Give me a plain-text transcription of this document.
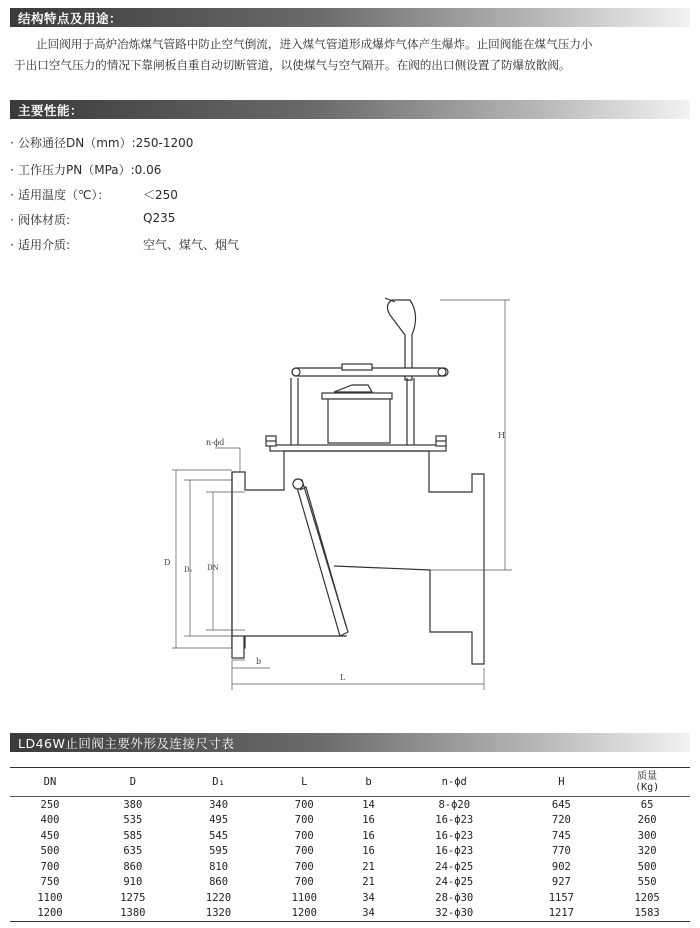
结构特点及用途：
止回阀用于高炉冶炼煤气管路中防止空气倒流，进入煤气管道形成爆炸气体产生爆炸。止回阀能在煤气压力小
于出口空气压力的情况下靠闸板自重自动切断管道，以使煤气与空气隔开。在阀的出口侧设置了防爆放散阀。
主要性能：
· 公称通径DN（mm）:250-1200
· 工作压力PN（MPa）:0.06
· 适用温度（℃）：	＜250
· 阀体材质:	Q235
· 适用介质:	空气、煤气、烟气
n-ϕd
H
D
D₁ DN
b
L
LD46W止回阀主要外形及连接尺寸表
DN	D	D₁	L	b	n-ϕd	H	质量
(Kg)

250	380	340	700	14	8-ϕ20	645	65
400	535	495	700	16	16-ϕ23	720	260
450	585	545	700	16	16-ϕ23	745	300
500	635	595	700	16	16-ϕ23	770	320
700	860	810	700	21	24-ϕ25	902	500
750	910	860	700	21	24-ϕ25	927	550
1100	1275	1220	1100	34	28-ϕ30	1157	1205
1200	1380	1320	1200	34	32-ϕ30	1217	1583
